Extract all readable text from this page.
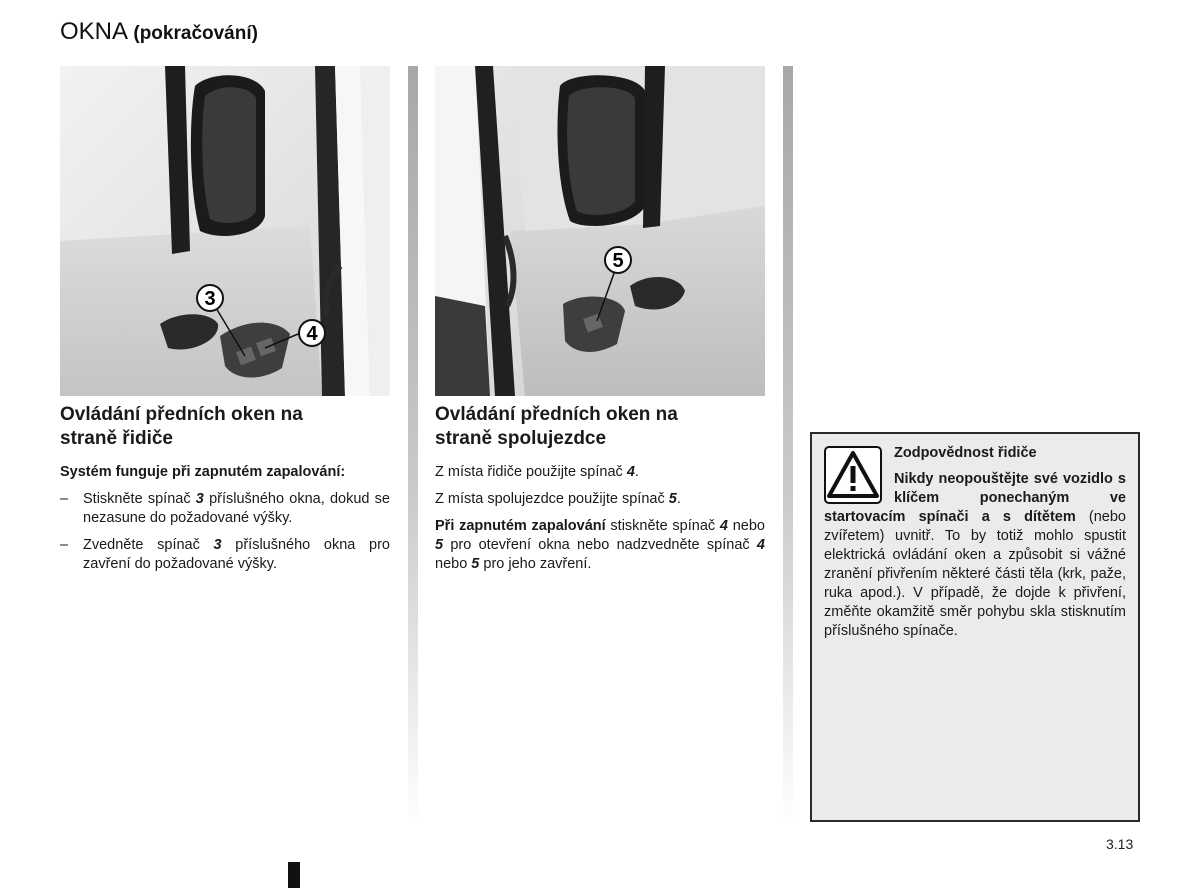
OKNA (pokračování)
3
4
5
Ovládání předních oken na
straně řidiče

Systém funguje při zapnutém zapalování:

– Stiskněte spínač 3 příslušného okna, dokud se nezasune do požadované výšky.
– Zvedněte spínač 3 příslušného okna pro zavření do požadované výšky.
Ovládání předních oken na
straně spolujezdce

Z místa řidiče použijte spínač 4.

Z místa spolujezdce použijte spínač 5.

Při zapnutém zapalování stiskněte spínač 4 nebo 5 pro otevření okna nebo nadzvedněte spínač 4 nebo 5 pro jeho zavření.

Zodpovědnost řidiče

Nikdy neopouštějte své vozidlo s klíčem ponechaným ve startovacím spínači a s dítětem (nebo zvířetem) uvnitř. To by totiž mohlo spustit elektrická ovládání oken a způsobit si vážné zranění přivřením některé části těla (krk, paže, ruka apod.). V případě, že dojde k přivření, změňte okamžitě směr pohybu skla stisknutím příslušného spínače.

3.13
